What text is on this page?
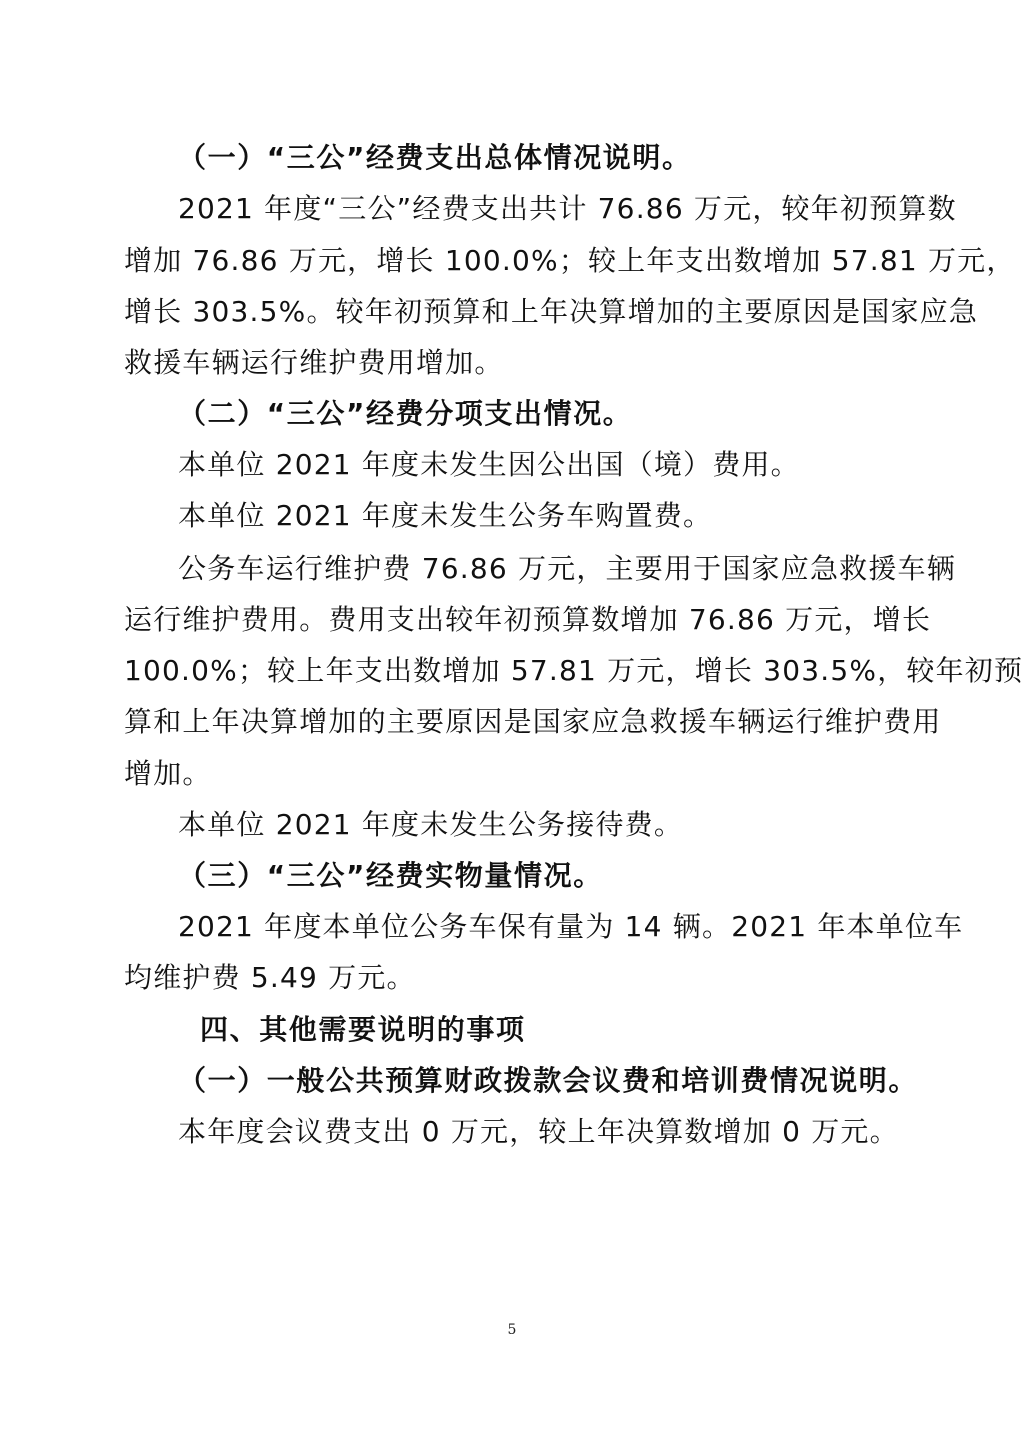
（一）“三公”经费支出总体情况说明。
2021 年度“三公”经费支出共计 76.86 万元，较年初预算数
增加 76.86 万元，增长 100.0%；较上年支出数增加 57.81 万元，
增长 303.5%。较年初预算和上年决算增加的主要原因是国家应急
救援车辆运行维护费用增加。
（二）“三公”经费分项支出情况。
本单位 2021 年度未发生因公出国（境）费用。
本单位 2021 年度未发生公务车购置费。
公务车运行维护费 76.86 万元，主要用于国家应急救援车辆
运行维护费用。费用支出较年初预算数增加 76.86 万元，增长
100.0%；较上年支出数增加 57.81 万元，增长 303.5%，较年初预
算和上年决算增加的主要原因是国家应急救援车辆运行维护费用
增加。
本单位 2021 年度未发生公务接待费。
（三）“三公”经费实物量情况。
2021 年度本单位公务车保有量为 14 辆。2021 年本单位车
均维护费 5.49 万元。
四、其他需要说明的事项
（一）一般公共预算财政拨款会议费和培训费情况说明。
本年度会议费支出 0 万元，较上年决算数增加 0 万元。
5
